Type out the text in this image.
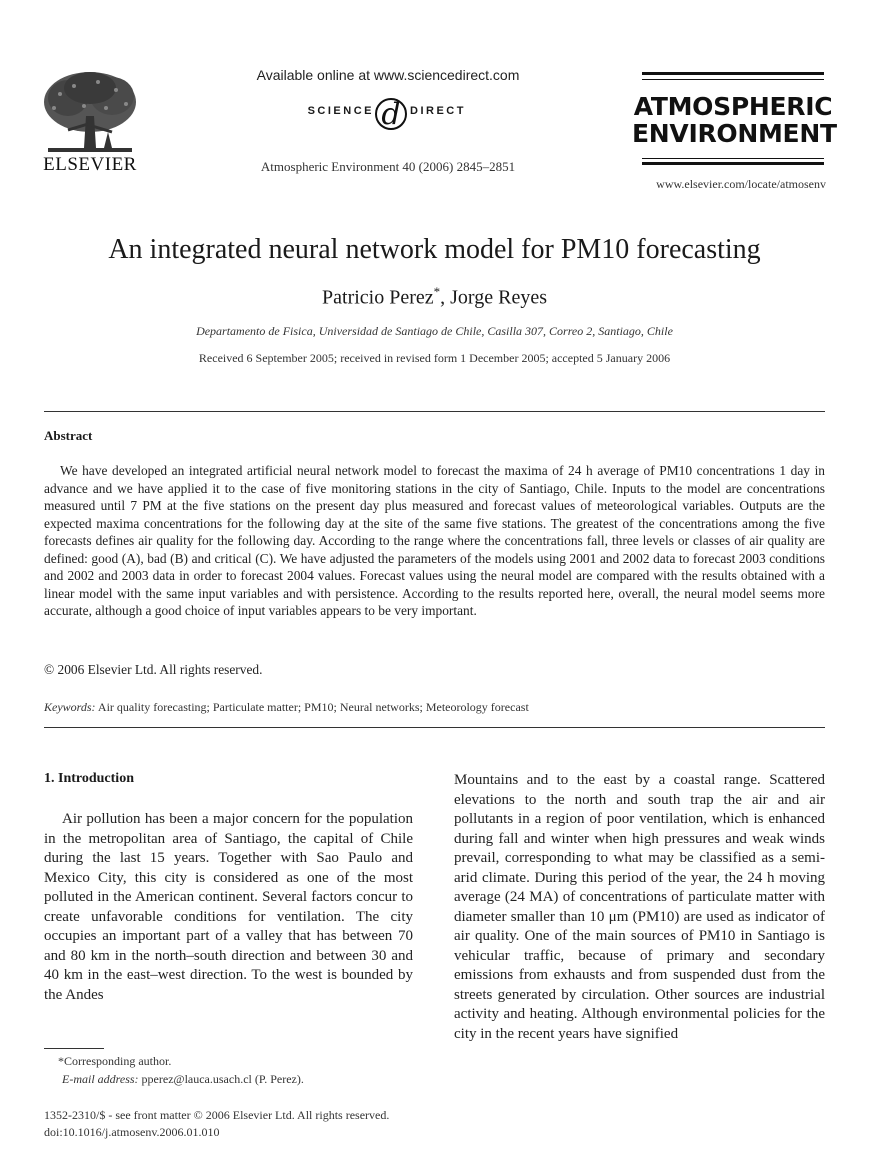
ELSEVIER
Available online at www.sciencedirect.com
SCIENCE d DIRECT
Atmospheric Environment 40 (2006) 2845–2851
ATMOSPHERIC
ENVIRONMENT
www.elsevier.com/locate/atmosenv
An integrated neural network model for PM10 forecasting
Patricio Perez*, Jorge Reyes
Departamento de Fisica, Universidad de Santiago de Chile, Casilla 307, Correo 2, Santiago, Chile
Received 6 September 2005; received in revised form 1 December 2005; accepted 5 January 2006
Abstract
We have developed an integrated artificial neural network model to forecast the maxima of 24 h average of PM10 concentrations 1 day in advance and we have applied it to the case of five monitoring stations in the city of Santiago, Chile. Inputs to the model are concentrations measured until 7 PM at the five stations on the present day plus measured and forecast values of meteorological variables. Outputs are the expected maxima concentrations for the following day at the site of the same five stations. The greatest of the concentrations among the five forecasts defines air quality for the following day. According to the range where the concentrations fall, three levels or classes of air quality are defined: good (A), bad (B) and critical (C). We have adjusted the parameters of the models using 2001 and 2002 data to forecast 2003 conditions and 2002 and 2003 data in order to forecast 2004 values. Forecast values using the neural model are compared with the results obtained with a linear model with the same input variables and with persistence. According to the results reported here, overall, the neural model seems more accurate, although a good choice of input variables appears to be very important.
© 2006 Elsevier Ltd. All rights reserved.
Keywords: Air quality forecasting; Particulate matter; PM10; Neural networks; Meteorology forecast
1. Introduction
Air pollution has been a major concern for the population in the metropolitan area of Santiago, the capital of Chile during the last 15 years. Together with Sao Paulo and Mexico City, this city is considered as one of the most polluted in the American continent. Several factors concur to create unfavorable conditions for ventilation. The city occupies an important part of a valley that has between 70 and 80 km in the north–south direction and between 30 and 40 km in the east–west direction. To the west is bounded by the Andes
Mountains and to the east by a coastal range. Scattered elevations to the north and south trap the air and air pollutants in a region of poor ventilation, which is enhanced during fall and winter when high pressures and weak winds prevail, corresponding to what may be classified as a semi-arid climate. During this period of the year, the 24 h moving average (24 MA) of concentrations of particulate matter with diameter smaller than 10 μm (PM10) are used as indicator of air quality. One of the main sources of PM10 in Santiago is vehicular traffic, because of primary and secondary emissions from exhausts and from suspended dust from the streets generated by circulation. Other sources are industrial activity and heating. Although environmental policies for the city in the recent years have signified
*Corresponding author.
E-mail address: pperez@lauca.usach.cl (P. Perez).
1352-2310/$ - see front matter © 2006 Elsevier Ltd. All rights reserved.
doi:10.1016/j.atmosenv.2006.01.010
